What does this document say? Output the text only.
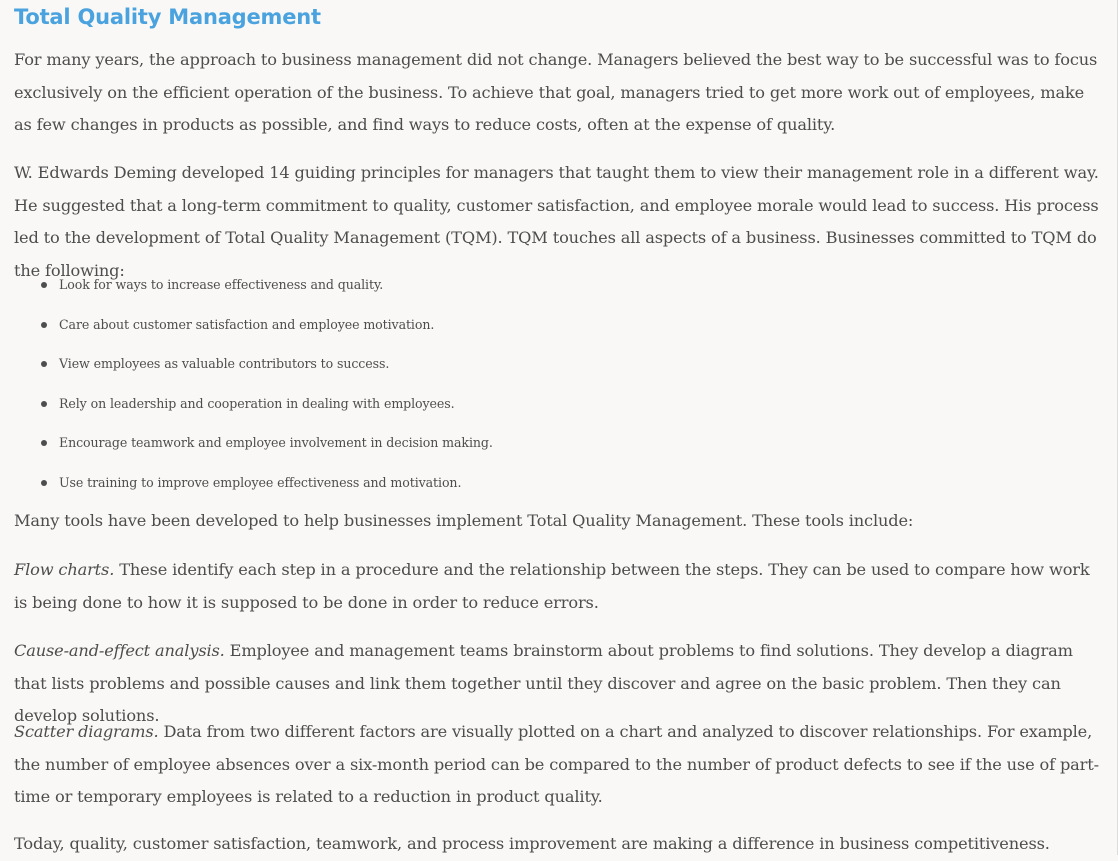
Total Quality Management

For many years, the approach to business management did not change. Managers believed the best way to be successful was to focus exclusively on the efficient operation of the business. To achieve that goal, managers tried to get more work out of employees, make as few changes in products as possible, and find ways to reduce costs, often at the expense of quality.

W. Edwards Deming developed 14 guiding principles for managers that taught them to view their management role in a different way. He suggested that a long-term commitment to quality, customer satisfaction, and employee morale would lead to success. His process led to the development of Total Quality Management (TQM). TQM touches all aspects of a business. Businesses committed to TQM do the following:

Look for ways to increase effectiveness and quality.
Care about customer satisfaction and employee motivation.
View employees as valuable contributors to success.
Rely on leadership and cooperation in dealing with employees.
Encourage teamwork and employee involvement in decision making.
Use training to improve employee effectiveness and motivation.

Many tools have been developed to help businesses implement Total Quality Management. These tools include:

Flow charts. These identify each step in a procedure and the relationship between the steps. They can be used to compare how work is being done to how it is supposed to be done in order to reduce errors.

Cause-and-effect analysis. Employee and management teams brainstorm about problems to find solutions. They develop a diagram that lists problems and possible causes and link them together until they discover and agree on the basic problem. Then they can develop solutions.

Scatter diagrams. Data from two different factors are visually plotted on a chart and analyzed to discover relationships. For example, the number of employee absences over a six-month period can be compared to the number of product defects to see if the use of part-time or temporary employees is related to a reduction in product quality.

Today, quality, customer satisfaction, teamwork, and process improvement are making a difference in business competitiveness.
